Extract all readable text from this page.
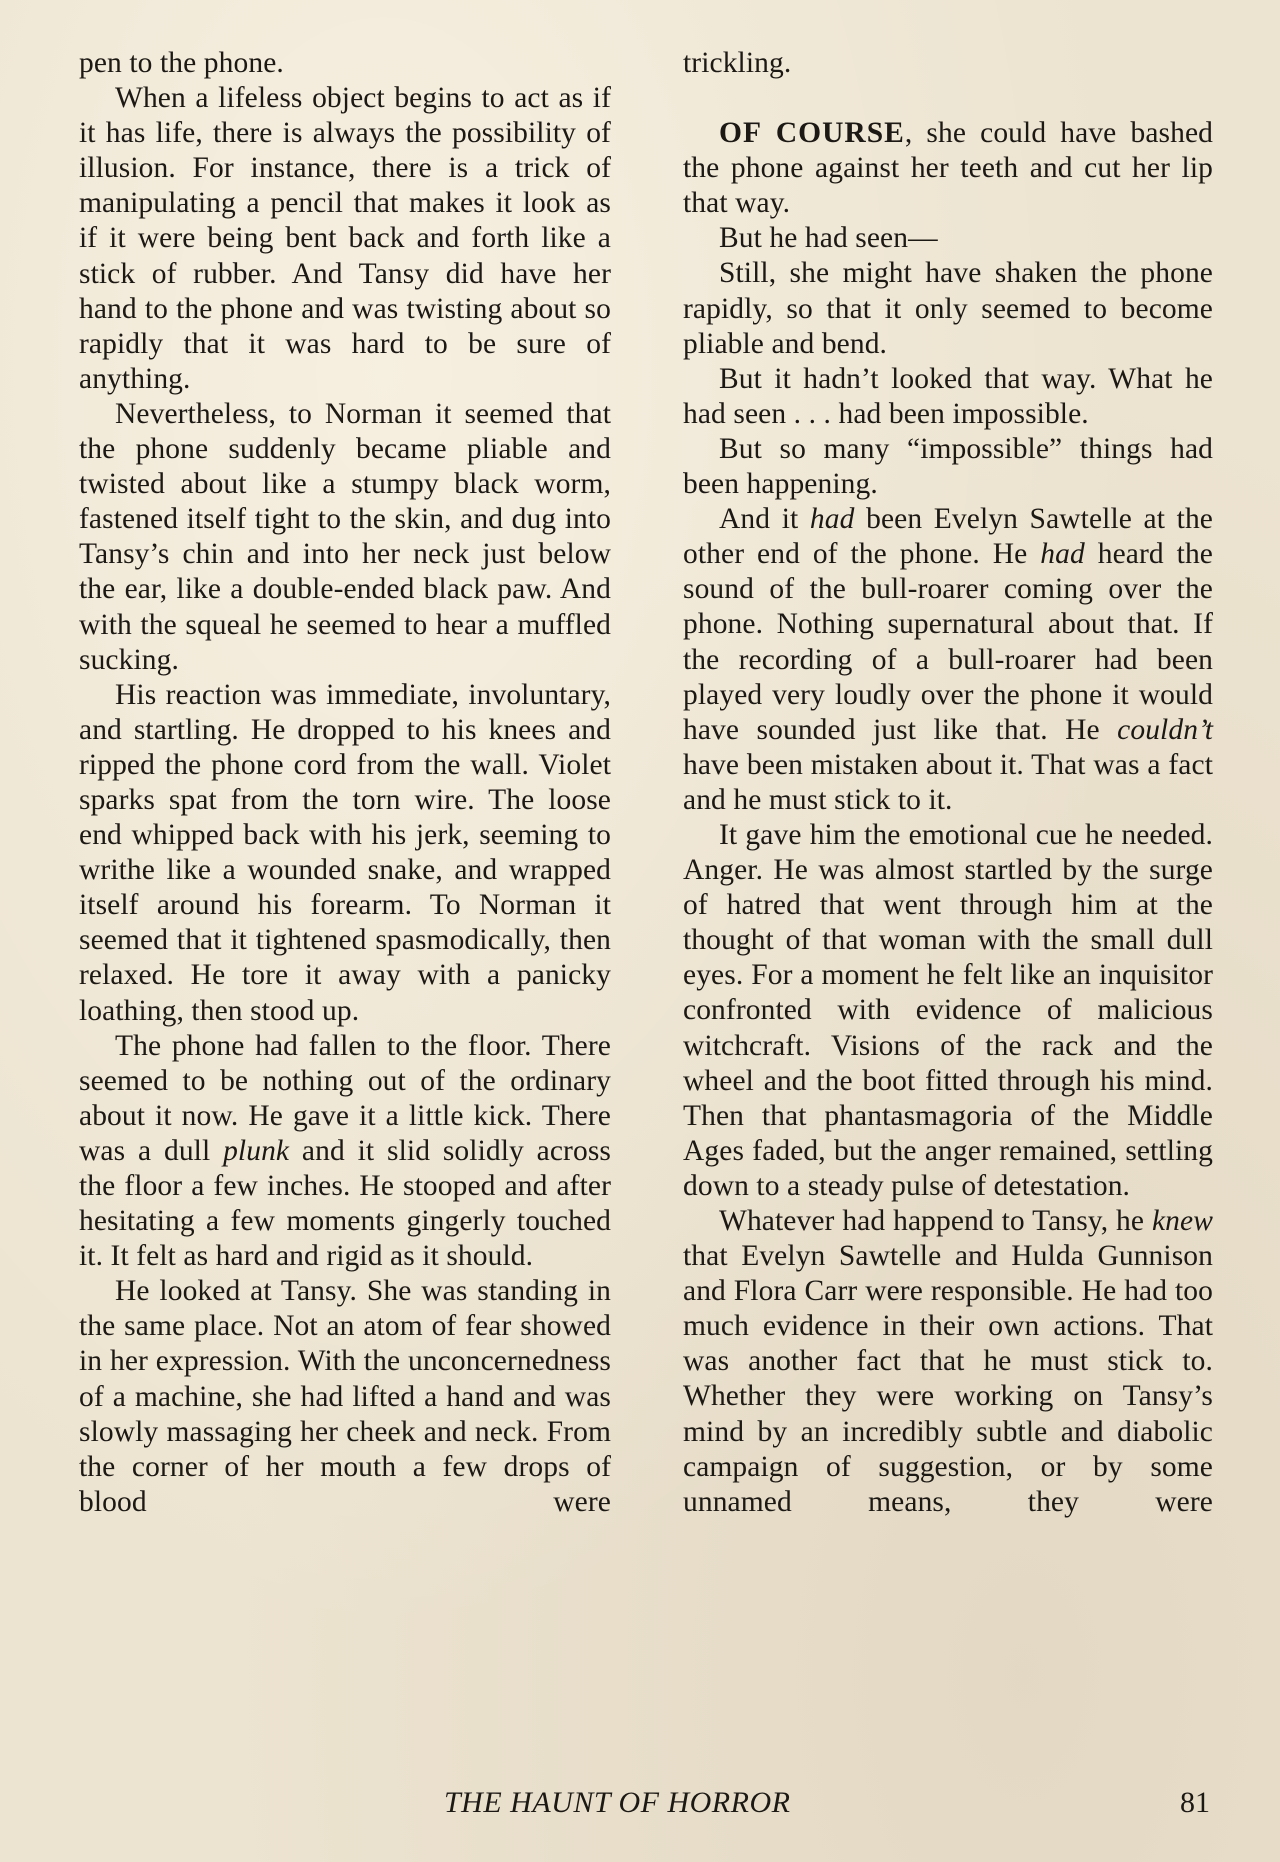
pen to the phone.

When a lifeless object begins to act as if it has life, there is always the possibility of illusion. For instance, there is a trick of manipulating a pencil that makes it look as if it were being bent back and forth like a stick of rubber. And Tansy did have her hand to the phone and was twisting about so rapidly that it was hard to be sure of anything.

Nevertheless, to Norman it seemed that the phone suddenly became pliable and twisted about like a stumpy black worm, fastened itself tight to the skin, and dug into Tansy’s chin and into her neck just below the ear, like a double-ended black paw. And with the squeal he seemed to hear a muffled sucking.

His reaction was immediate, involuntary, and startling. He dropped to his knees and ripped the phone cord from the wall. Violet sparks spat from the torn wire. The loose end whipped back with his jerk, seeming to writhe like a wounded snake, and wrapped itself around his forearm. To Norman it seemed that it tightened spasmodically, then relaxed. He tore it away with a panicky loathing, then stood up.

The phone had fallen to the floor. There seemed to be nothing out of the ordinary about it now. He gave it a little kick. There was a dull plunk and it slid solidly across the floor a few inches. He stooped and after hesitating a few moments gingerly touched it. It felt as hard and rigid as it should.

He looked at Tansy. She was standing in the same place. Not an atom of fear showed in her expression. With the unconcernedness of a machine, she had lifted a hand and was slowly massaging her cheek and neck. From the corner of her mouth a few drops of blood were

trickling.

OF COURSE, she could have bashed the phone against her teeth and cut her lip that way.

But he had seen—

Still, she might have shaken the phone rapidly, so that it only seemed to become pliable and bend.

But it hadn’t looked that way. What he had seen . . . had been impossible.

But so many “impossible” things had been happening.

And it had been Evelyn Sawtelle at the other end of the phone. He had heard the sound of the bull-roarer coming over the phone. Nothing supernatural about that. If the recording of a bull-roarer had been played very loudly over the phone it would have sounded just like that. He couldn’t have been mistaken about it. That was a fact and he must stick to it.

It gave him the emotional cue he needed. Anger. He was almost startled by the surge of hatred that went through him at the thought of that woman with the small dull eyes. For a moment he felt like an inquisitor confronted with evidence of malicious witchcraft. Visions of the rack and the wheel and the boot fitted through his mind. Then that phantasmagoria of the Middle Ages faded, but the anger remained, settling down to a steady pulse of detestation.

Whatever had happend to Tansy, he knew that Evelyn Sawtelle and Hulda Gunnison and Flora Carr were responsible. He had too much evidence in their own actions. That was another fact that he must stick to. Whether they were working on Tansy’s mind by an incredibly subtle and diabolic campaign of suggestion, or by some unnamed means, they were

THE HAUNT OF HORROR	81
